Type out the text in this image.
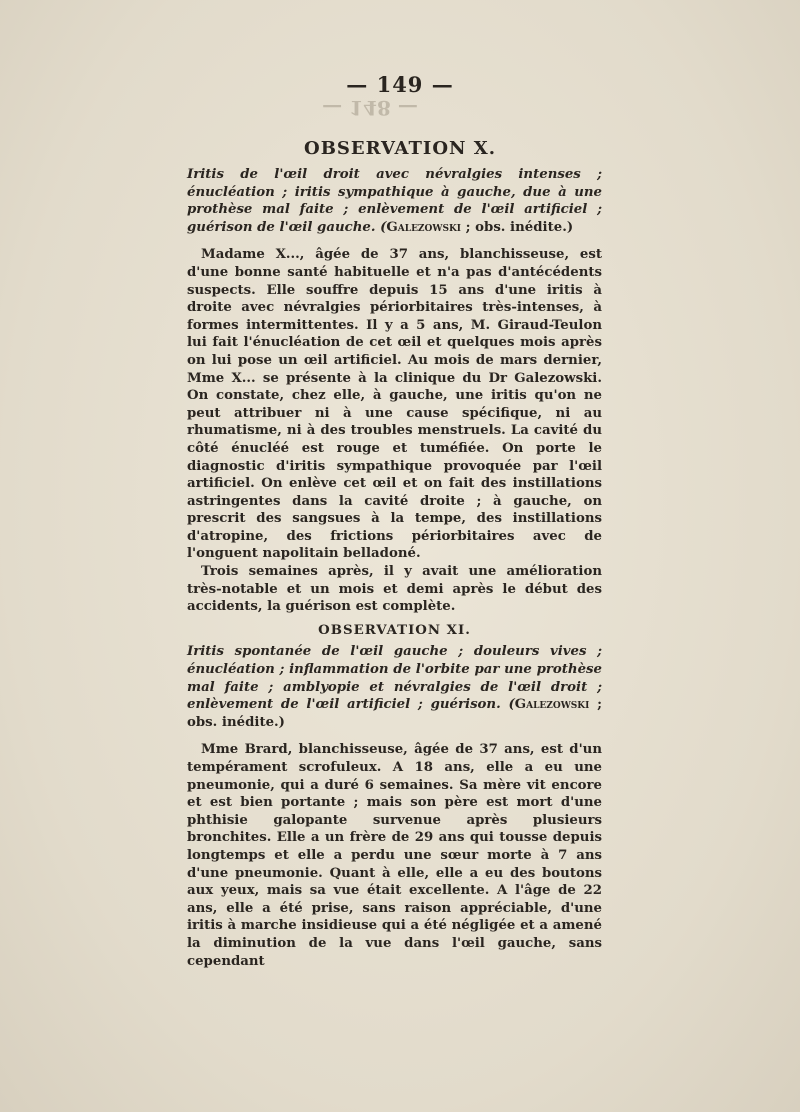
— 148 —
— 149 —
OBSERVATION X.

Iritis de l'œil droit avec névralgies intenses ; énucléation ; iritis sympathique à gauche, due à une prothèse mal faite ; enlèvement de l'œil artificiel ; guérison de l'œil gauche. (Galezowski ; obs. inédite.)

Madame X..., âgée de 37 ans, blanchisseuse, est d'une bonne santé habituelle et n'a pas d'antécédents suspects. Elle souffre depuis 15 ans d'une iritis à droite avec névralgies périorbitaires très-intenses, à formes intermittentes. Il y a 5 ans, M. Giraud-Teulon lui fait l'énucléation de cet œil et quelques mois après on lui pose un œil artificiel. Au mois de mars dernier, Mme X... se présente à la clinique du Dr Galezowski. On constate, chez elle, à gauche, une iritis qu'on ne peut attribuer ni à une cause spécifique, ni au rhumatisme, ni à des troubles menstruels. La cavité du côté énucléé est rouge et tuméfiée. On porte le diagnostic d'iritis sympathique provoquée par l'œil artificiel. On enlève cet œil et on fait des instillations astringentes dans la cavité droite ; à gauche, on prescrit des sangsues à la tempe, des instillations d'atropine, des frictions périorbitaires avec de l'onguent napolitain belladoné.

Trois semaines après, il y avait une amélioration très-notable et un mois et demi après le début des accidents, la guérison est complète.

OBSERVATION XI.

Iritis spontanée de l'œil gauche ; douleurs vives ; énucléation ; inflammation de l'orbite par une prothèse mal faite ; amblyopie et névralgies de l'œil droit ; enlèvement de l'œil artificiel ; guérison. (Galezowski ; obs. inédite.)

Mme Brard, blanchisseuse, âgée de 37 ans, est d'un tempérament scrofuleux. A 18 ans, elle a eu une pneumonie, qui a duré 6 semaines. Sa mère vit encore et est bien portante ; mais son père est mort d'une phthisie galopante survenue après plusieurs bronchites. Elle a un frère de 29 ans qui tousse depuis longtemps et elle a perdu une sœur morte à 7 ans d'une pneumonie. Quant à elle, elle a eu des boutons aux yeux, mais sa vue était excellente. A l'âge de 22 ans, elle a été prise, sans raison appréciable, d'une iritis à marche insidieuse qui a été négligée et a amené la diminution de la vue dans l'œil gauche, sans cependant
